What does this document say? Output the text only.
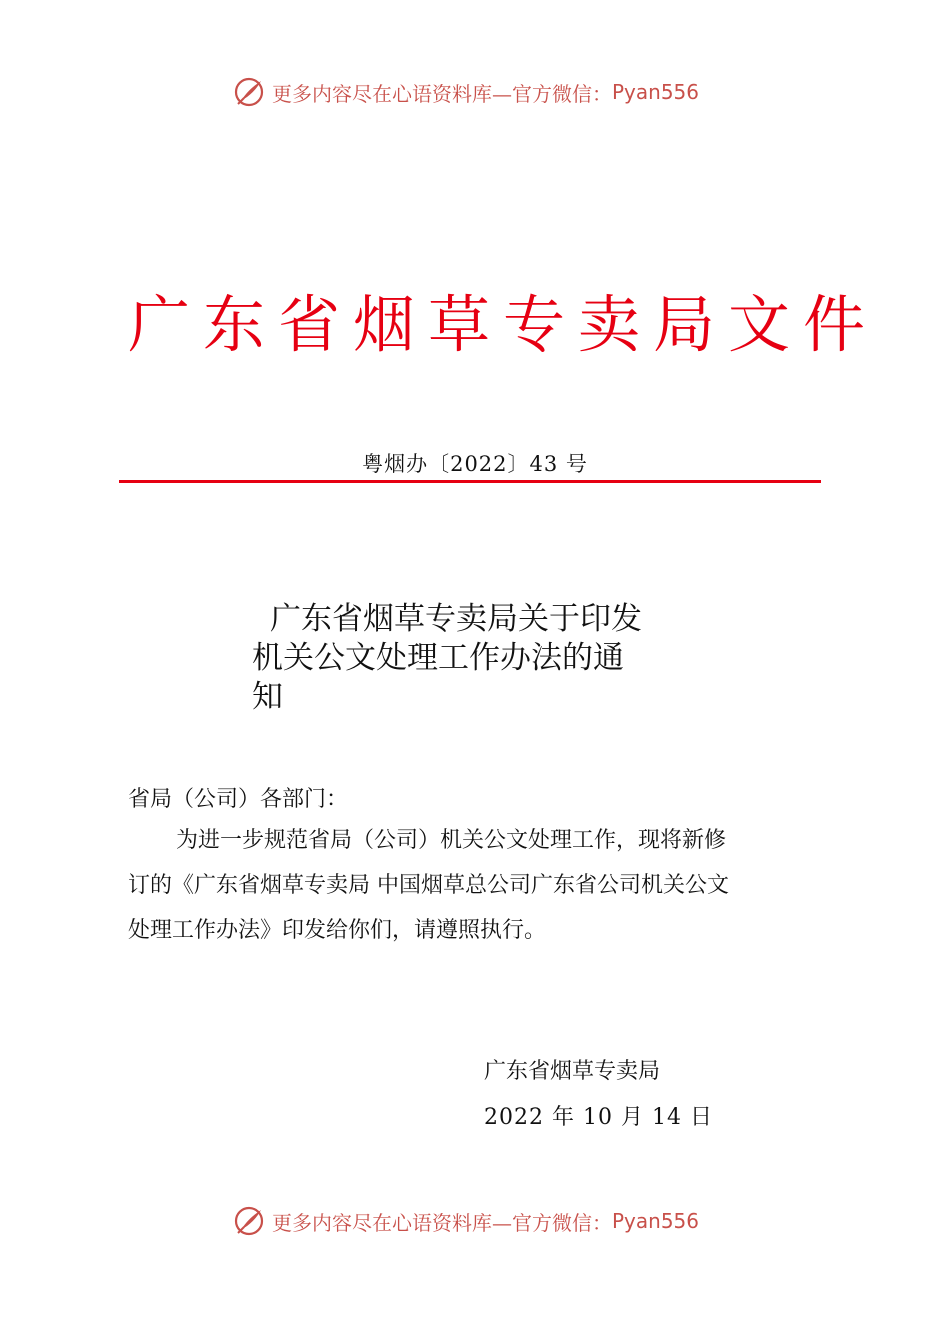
更多内容尽在心语资料库—官方微信： Pyan556
广东省烟草专卖局文件
粤烟办〔2022〕43 号
广东省烟草专卖局关于印发
机关公文处理工作办法的通
知
省局（公司）各部门：
为进一步规范省局（公司）机关公文处理工作，现将新修
订的《广东省烟草专卖局 中国烟草总公司广东省公司机关公文
处理工作办法》印发给你们，请遵照执行。
广东省烟草专卖局
2022 年 10 月 14 日
更多内容尽在心语资料库—官方微信： Pyan556
